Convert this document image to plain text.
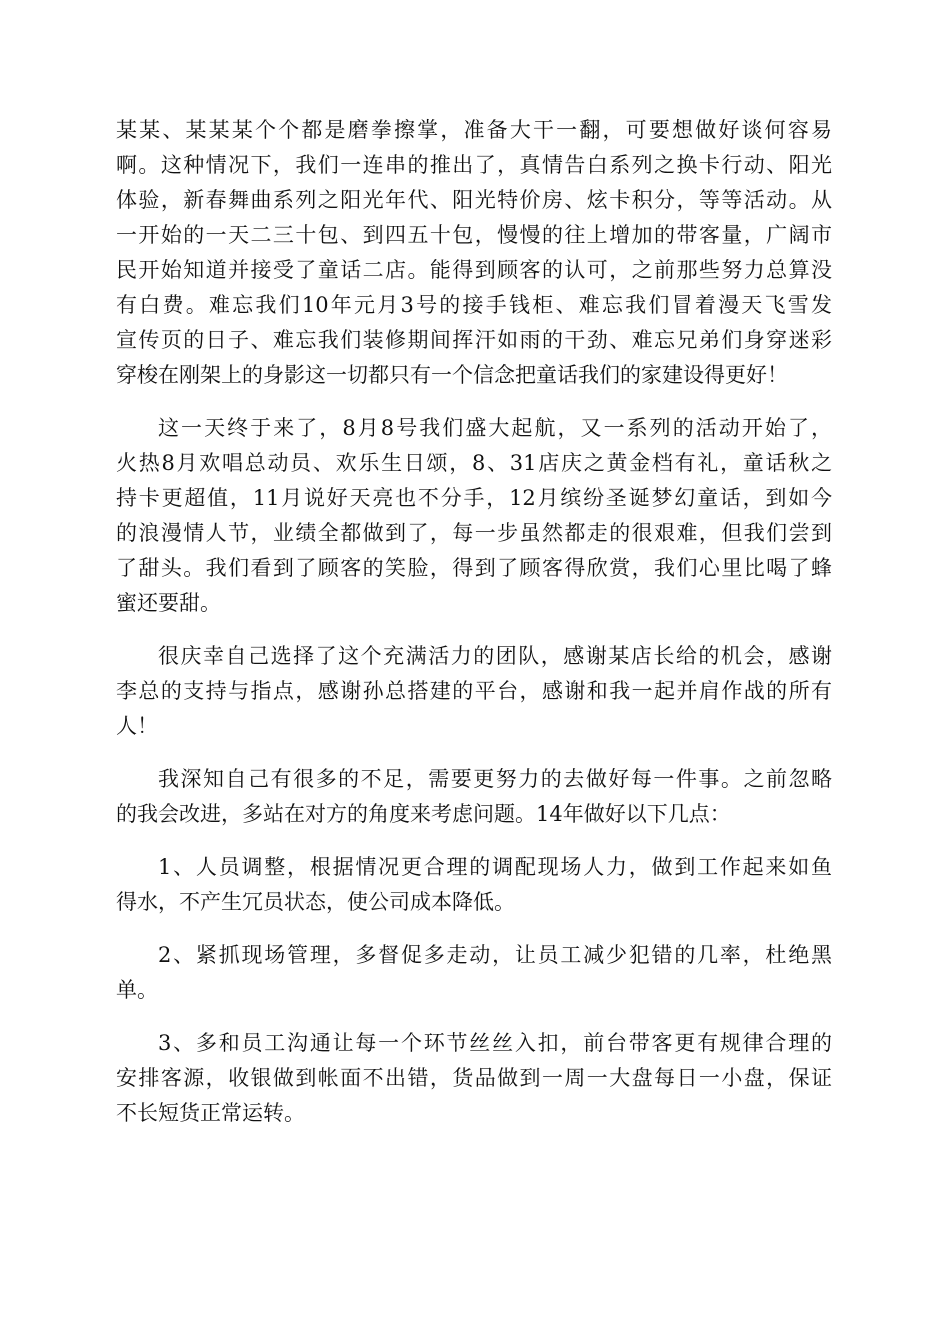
某某、某某某个个都是磨拳擦掌，准备大干一翻，可要想做好谈何容易
啊。这种情况下，我们一连串的推出了，真情告白系列之换卡行动、阳光
体验，新春舞曲系列之阳光年代、阳光特价房、炫卡积分，等等活动。从
一开始的一天二三十包、到四五十包，慢慢的往上增加的带客量，广阔市
民开始知道并接受了童话二店。能得到顾客的认可，之前那些努力总算没
有白费。难忘我们10年元月3号的接手钱柜、难忘我们冒着漫天飞雪发
宣传页的日子、难忘我们装修期间挥汗如雨的干劲、难忘兄弟们身穿迷彩
穿梭在刚架上的身影这一切都只有一个信念把童话我们的家建设得更好！
这一天终于来了，8月8号我们盛大起航，又一系列的活动开始了，
火热8月欢唱总动员、欢乐生日颂，8、31店庆之黄金档有礼，童话秋之
持卡更超值，11月说好天亮也不分手，12月缤纷圣诞梦幻童话，到如今
的浪漫情人节，业绩全都做到了，每一步虽然都走的很艰难，但我们尝到
了甜头。我们看到了顾客的笑脸，得到了顾客得欣赏，我们心里比喝了蜂
蜜还要甜。
很庆幸自己选择了这个充满活力的团队，感谢某店长给的机会，感谢
李总的支持与指点，感谢孙总搭建的平台，感谢和我一起并肩作战的所有
人！
我深知自己有很多的不足，需要更努力的去做好每一件事。之前忽略
的我会改进，多站在对方的角度来考虑问题。14年做好以下几点：
1、人员调整，根据情况更合理的调配现场人力，做到工作起来如鱼
得水，不产生冗员状态，使公司成本降低。
2、紧抓现场管理，多督促多走动，让员工减少犯错的几率，杜绝黑
单。
3、多和员工沟通让每一个环节丝丝入扣，前台带客更有规律合理的
安排客源，收银做到帐面不出错，货品做到一周一大盘每日一小盘，保证
不长短货正常运转。
